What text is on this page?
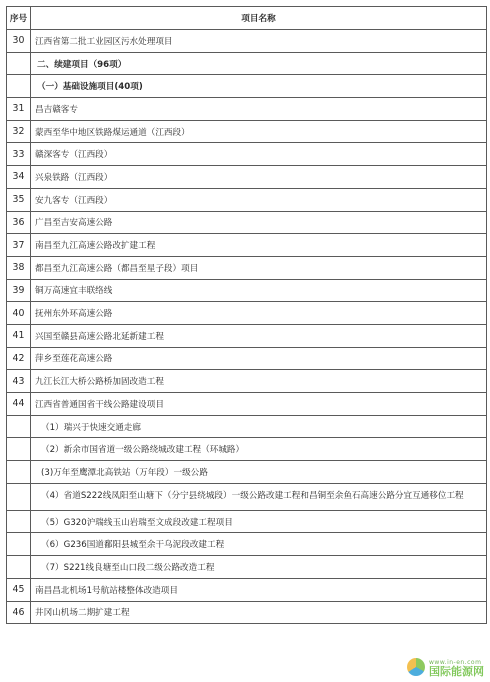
序号	项目名称
30	江西省第二批工业园区污水处理项目
	二、续建项目（96项）
	（一）基础设施项目(40项)
31	昌吉赣客专
32	蒙西至华中地区铁路煤运通道（江西段）
33	赣深客专（江西段）
34	兴泉铁路（江西段）
35	安九客专（江西段）
36	广昌至吉安高速公路
37	南昌至九江高速公路改扩建工程
38	都昌至九江高速公路（都昌至星子段）项目
39	铜万高速宜丰联络线
40	抚州东外环高速公路
41	兴国至赣县高速公路北延新建工程
42	萍乡至莲花高速公路
43	九江长江大桥公路桥加固改造工程
44	江西省普通国省干线公路建设项目
	（1）瑞兴于快速交通走廊
	（2）新余市国省道一级公路绕城改建工程（环城路）
	(3)万年至鹰潭北高铁站（万年段）一级公路
	（4）省道S222线凤阳至山塘下（分宁县绕城段）一级公路改建工程和昌铜至余鱼石高速公路分宜互通移位工程
	（5）G320沪瑞线玉山岩瑞至文成段改建工程项目
	（6）G236国道鄱阳县城至余干乌泥段改建工程
	（7）S221线良塘至山口段二级公路改造工程
45	南昌昌北机场1号航站楼整体改造项目
46	井冈山机场二期扩建工程
www.in-en.com
国际能源网
